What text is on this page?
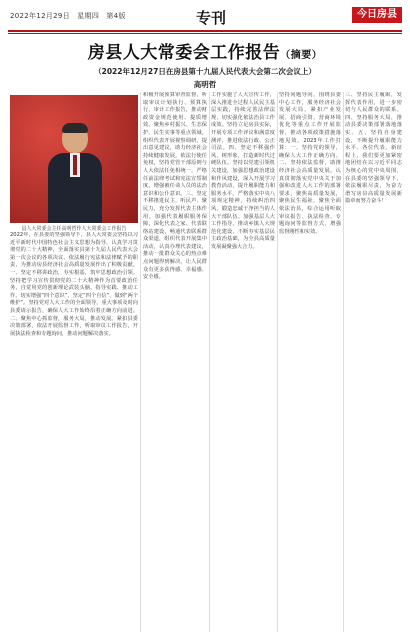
2022年12月29日　星期四　第4版	专刊	今日房县
房县人大常委会工作报告（摘要）
（2022年12月27日在房县第十九届人民代表大会第二次会议上）
高明哲
县人大常委会主任高明哲作人大常委会工作报告
2022年，在县委的坚强领导下，县人大常委会坚持以习近平新时代中国特色社会主义思想为指导，认真学习贯彻党的二十大精神，全面落实县第十九届人民代表大会第一次会议的各项决议，依法履行宪法和法律赋予的职责，为推动房县经济社会高质量发展作出了积极贡献。一、坚定不移讲政治，夯实根基，筑牢思想政治引领。坚持把学习宣传贯彻党的二十大精神作为首要政治任务，自觉用党的创新理论武装头脑、指导实践、推动工作，切实增强“四个意识”、坚定“四个自信”、做到“两个维护”。坚持党对人大工作的全面领导，重大事项及时向县委请示报告，确保人大工作始终沿着正确方向前进。二、聚焦中心抓监督，服务大局，推动发展。紧扣县委决策部署，依法开展监督工作，听取审议工作报告，开展执法检查和专题询问，推动问题解决落实。
积极开展预算审查监督，听取审议计划执行、预算执行、审计工作报告，推动财政资金规范使用、提质增效。聚焦乡村振兴、生态保护、民生实事等重点领域，组织代表开展视察调研，提出意见建议，助力经济社会持续健康发展。依法行使任免权，坚持党管干部原则与人大依法任免相统一，严格任前法律考试和宪法宣誓制度，增强被任命人员的法治意识和公仆意识。三、坚定不移推进民主，听民声、聚民力，充分发挥代表主体作用。加强代表履职服务保障，深化代表之家、代表联络站建设，畅通代表联系群众渠道，组织代表开展集中活动，认真办理代表建议，推动一批群众关心的热点难点问题得到解决，让人民群众有更多获得感、幸福感、安全感。
工作实施了人大宣传工作，深入推进全过程人民民主基层实践，持续完善法律法规，切实强化依法治县工作成效。坚持立足房县实际，开展专项工作评议和满意度测评，推进依法行政、公正司法。四、坚定不移强作风，树形象，打造新时代过硬队伍。坚持以党建引领机关建设，加强思想政治建设和作风建设，深入开展学习教育活动，提升履职能力和服务水平。严格落实中央八项规定精神，持续纠治四风，锻造忠诚干净担当的人大干部队伍。加强基层人大工作指导，推动乡镇人大规范化建设，不断夯实基层民主政治基础，为全县高质量发展凝聚强大合力。
坚持问题导向，围绕县委中心工作，服务经济社会发展大局，紧扣产业发展、招商引资、营商环境优化等重点工作开展监督，推动各项政策措施落地见效。2023年工作打算：一、坚持党的领导，确保人大工作正确方向。二、坚持依法监督，助推经济社会高质量发展。认真贯彻落实党中央关于加强和改进人大工作的部署要求，聚焦高质量发展，聚焦民生福祉，聚焦全面依法治县，综合运用听取审议报告、执法检查、专题询问等监督方式，增强监督刚性和实效。
三、坚持民主履职，发挥代表作用，进一步密切与人民群众的联系。四、坚持服务大局，推动县委决策部署落地落实。五、坚持自身建设，不断提升履职能力水平。各位代表，新征程上，我们要更加紧密地团结在以习近平同志为核心的党中央周围，在县委的坚强领导下，依法履职尽责，为奋力谱写房县高质量发展新篇章而努力奋斗！
